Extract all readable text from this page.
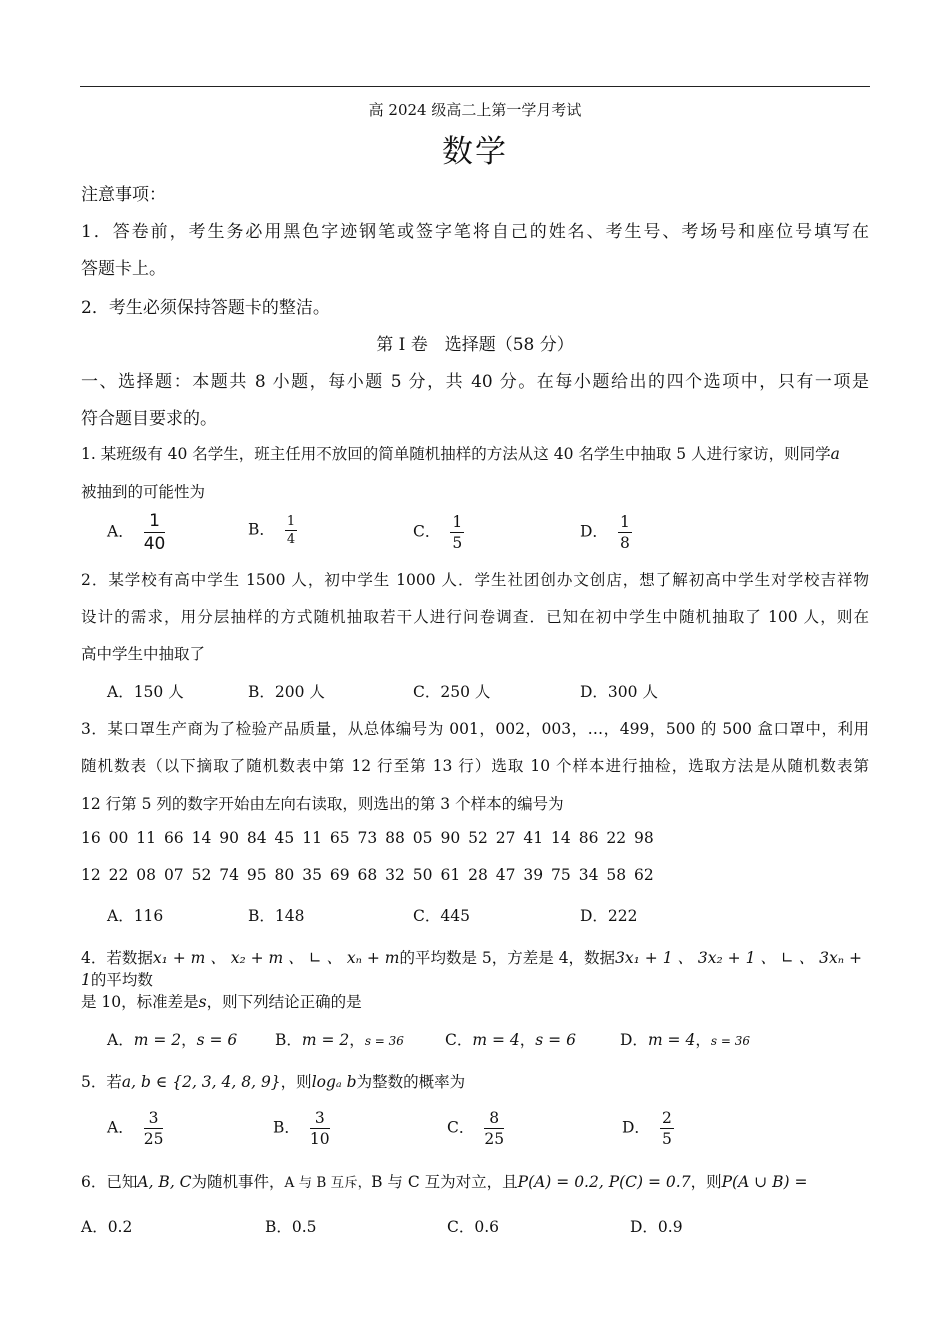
高 2024 级高二上第一学月考试
数学
注意事项：
1．答卷前，考生务必用黑色字迹钢笔或签字笔将自己的姓名、考生号、考场号和座位号填写在
答题卡上。
2．考生必须保持答题卡的整洁。
第 I 卷　选择题（58 分）
一、选择题：本题共 8 小题，每小题 5 分，共 40 分。在每小题给出的四个选项中，只有一项是
符合题目要求的。
1. 某班级有 40 名学生，班主任用不放回的简单随机抽样的方法从这 40 名学生中抽取 5 人进行家访，则同学a
被抽到的可能性为
A． $\frac{1}{40}$	B． $\frac{1}{4}$	C． $\frac{1}{5}$	D． $\frac{1}{8}$
2．某学校有高中学生 1500 人，初中学生 1000 人．学生社团创办文创店，想了解初高中学生对学校吉祥物
设计的需求，用分层抽样的方式随机抽取若干人进行问卷调查．已知在初中学生中随机抽取了 100 人，则在
高中学生中抽取了
A．150 人	B．200 人	C．250 人	D．300 人
3．某口罩生产商为了检验产品质量，从总体编号为 001，002，003，…，499，500 的 500 盒口罩中，利用
随机数表（以下摘取了随机数表中第 12 行至第 13 行）选取 10 个样本进行抽检，选取方法是从随机数表第
12 行第 5 列的数字开始由左向右读取，则选出的第 3 个样本的编号为
16 00 11 66 14 90 84 45 11 65 73 88 05 90 52 27 41 14 86 22 98
12 22 08 07 52 74 95 80 35 69 68 32 50 61 28 47 39 75 34 58 62
A．116	B．148	C．445	D．222
4．若数据x₁ + m 、 x₂ + m 、 ∟ 、 xₙ + m的平均数是 5，方差是 4，数据3x₁ + 1 、 3x₂ + 1 、 ∟ 、 3xₙ + 1的平均数
是 10，标准差是s，则下列结论正确的是
A．m = 2，s = 6 B．m = 2，s = 36	C．m = 4，s = 6	D．m = 4，s = 36
5．若a, b ∈ {2, 3, 4, 8, 9}，则logₐ b为整数的概率为
A． $\frac{3}{25}$	B． $\frac{3}{10}$	C． $\frac{8}{25}$	D． $\frac{2}{5}$
6．已知A, B, C为随机事件，A 与 B 互斥，B 与 C 互为对立，且P(A) = 0.2, P(C) = 0.7，则P(A ∪ B) =
A．0.2	B．0.5	C．0.6	D．0.9
